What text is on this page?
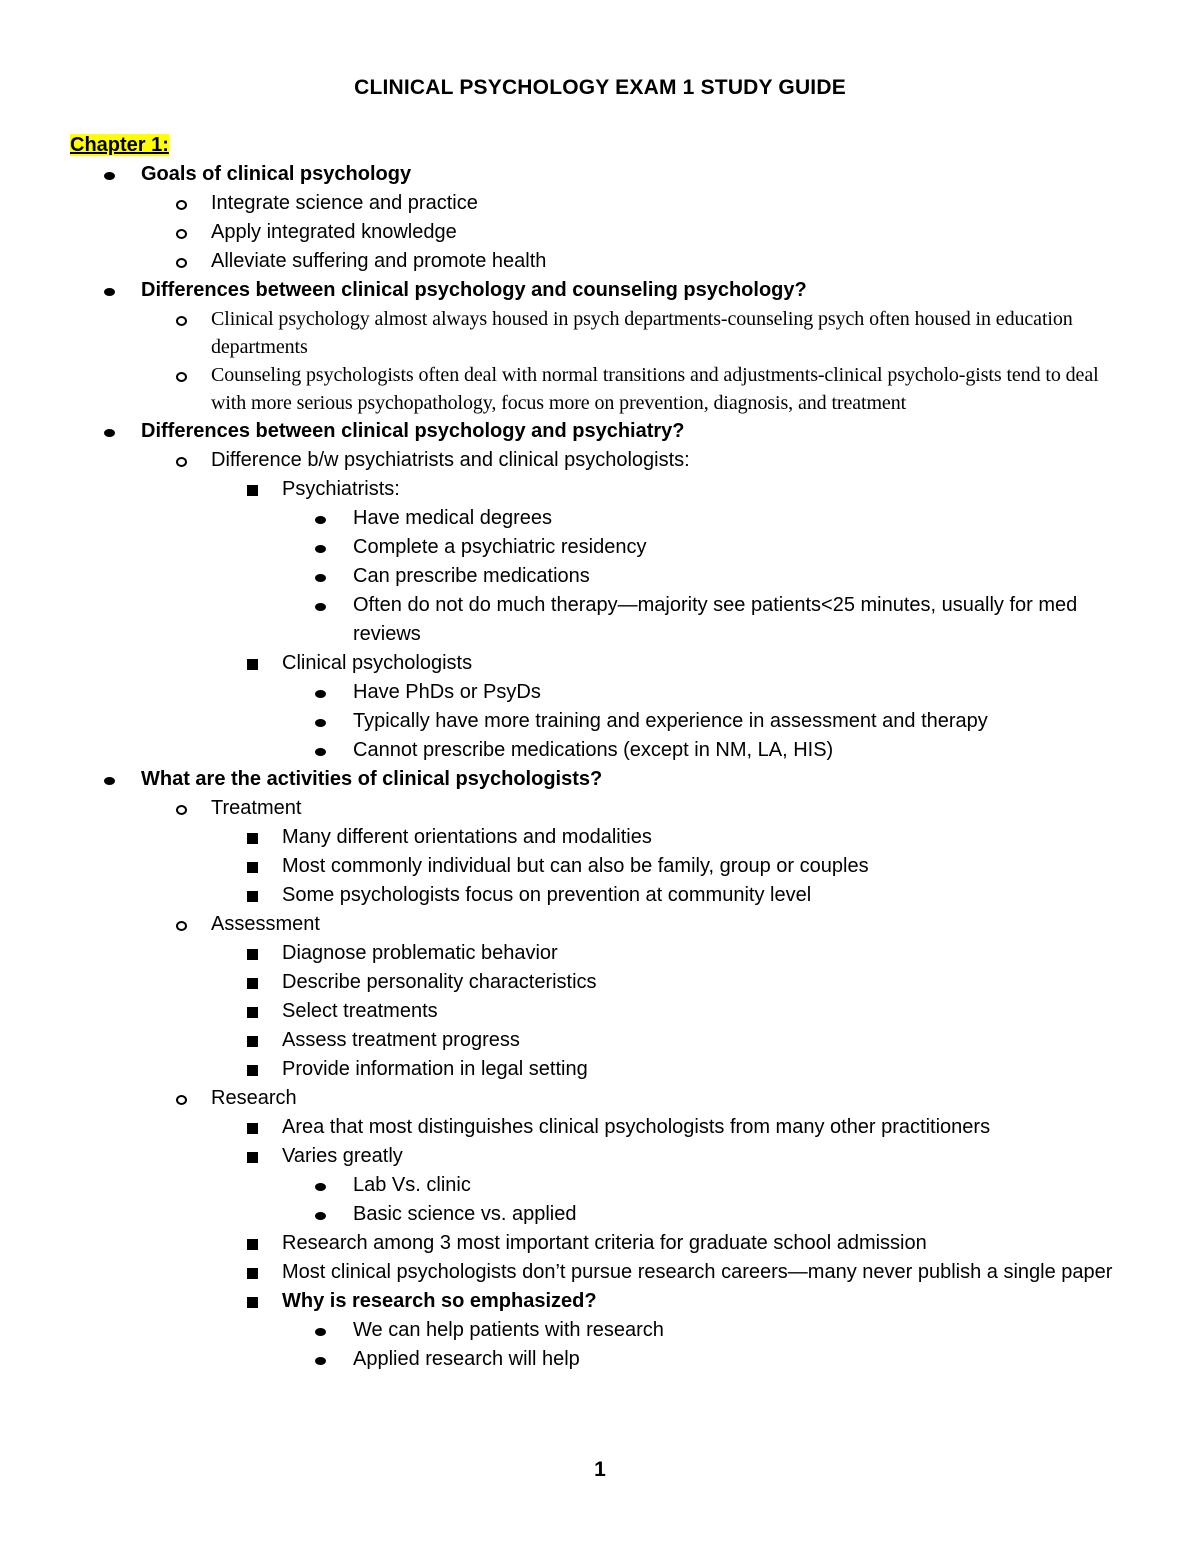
CLINICAL PSYCHOLOGY EXAM 1 STUDY GUIDE
Chapter 1:
Goals of clinical psychology
Integrate science and practice
Apply integrated knowledge
Alleviate suffering and promote health
Differences between clinical psychology and counseling psychology?
Clinical psychology almost always housed in psych departments-counseling psych often housed in education departments
Counseling psychologists often deal with normal transitions and adjustments-clinical psycholo-gists tend to deal with more serious psychopathology, focus more on prevention, diagnosis, and treatment
Differences between clinical psychology and psychiatry?
Difference b/w psychiatrists and clinical psychologists:
Psychiatrists:
Have medical degrees
Complete a psychiatric residency
Can prescribe medications
Often do not do much therapy—majority see patients<25 minutes, usually for med reviews
Clinical psychologists
Have PhDs or PsyDs
Typically have more training and experience in assessment and therapy
Cannot prescribe medications (except in NM, LA, HIS)
What are the activities of clinical psychologists?
Treatment
Many different orientations and modalities
Most commonly individual but can also be family, group or couples
Some psychologists focus on prevention at community level
Assessment
Diagnose problematic behavior
Describe personality characteristics
Select treatments
Assess treatment progress
Provide information in legal setting
Research
Area that most distinguishes clinical psychologists from many other practitioners
Varies greatly
Lab Vs. clinic
Basic science vs. applied
Research among 3 most important criteria for graduate school admission
Most clinical psychologists don’t pursue research careers—many never publish a single paper
Why is research so emphasized?
We can help patients with research
Applied research will help
1
